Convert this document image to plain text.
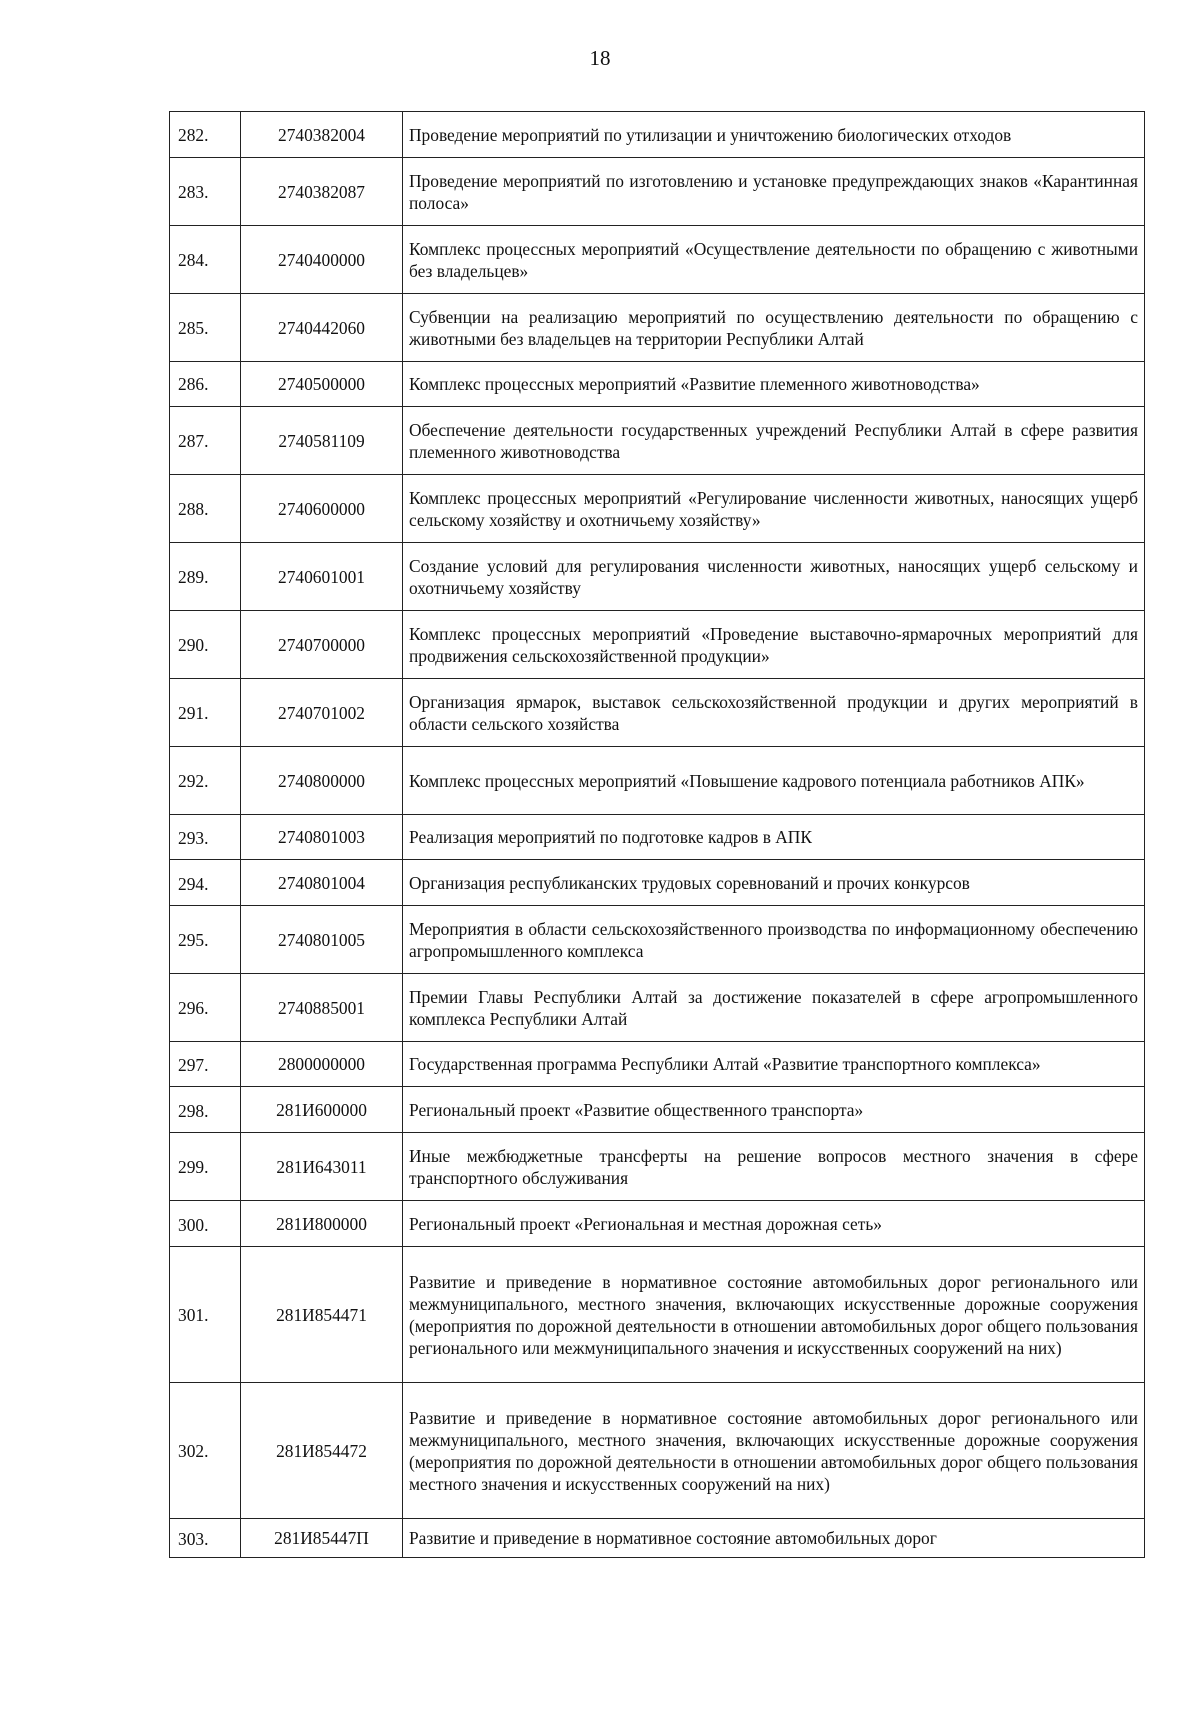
18
282.	2740382004	Проведение мероприятий по утилизации и уничтожению биологических отходов
283.	2740382087	Проведение мероприятий по изготовлению и установке предупреждающих знаков «Карантинная полоса»
284.	2740400000	Комплекс процессных мероприятий «Осуществление деятельности по обращению с животными без владельцев»
285.	2740442060	Субвенции на реализацию мероприятий по осуществлению деятельности по обращению с животными без владельцев на территории Республики Алтай
286.	2740500000	Комплекс процессных мероприятий «Развитие племенного животноводства»
287.	2740581109	Обеспечение деятельности государственных учреждений Республики Алтай в сфере развития племенного животноводства
288.	2740600000	Комплекс процессных мероприятий «Регулирование численности животных, наносящих ущерб сельскому хозяйству и охотничьему хозяйству»
289.	2740601001	Создание условий для регулирования численности животных, наносящих ущерб сельскому и охотничьему хозяйству
290.	2740700000	Комплекс процессных мероприятий «Проведение выставочно-ярмарочных мероприятий для продвижения сельскохозяйственной продукции»
291.	2740701002	Организация ярмарок, выставок сельскохозяйственной продукции и других мероприятий в области сельского хозяйства
292.	2740800000	Комплекс процессных мероприятий «Повышение кадрового потенциала работников АПК»
293.	2740801003	Реализация мероприятий по подготовке кадров в АПК
294.	2740801004	Организация республиканских трудовых соревнований и прочих конкурсов
295.	2740801005	Мероприятия в области сельскохозяйственного производства по информационному обеспечению агропромышленного комплекса
296.	2740885001	Премии Главы Республики Алтай за достижение показателей в сфере агропромышленного комплекса Республики Алтай
297.	2800000000	Государственная программа Республики Алтай «Развитие транспортного комплекса»
298.	281И600000	Региональный проект «Развитие общественного транспорта»
299.	281И643011	Иные межбюджетные трансферты на решение вопросов местного значения в сфере транспортного обслуживания
300.	281И800000	Региональный проект «Региональная и местная дорожная сеть»
301.	281И854471	Развитие и приведение в нормативное состояние автомобильных дорог регионального или межмуниципального, местного значения, включающих искусственные дорожные сооружения (мероприятия по дорожной деятельности в отношении автомобильных дорог общего пользования регионального или межмуниципального значения и искусственных сооружений на них)
302.	281И854472	Развитие и приведение в нормативное состояние автомобильных дорог регионального или межмуниципального, местного значения, включающих искусственные дорожные сооружения (мероприятия по дорожной деятельности в отношении автомобильных дорог общего пользования местного значения и искусственных сооружений на них)
303.	281И85447П	Развитие и приведение в нормативное состояние автомобильных дорог
